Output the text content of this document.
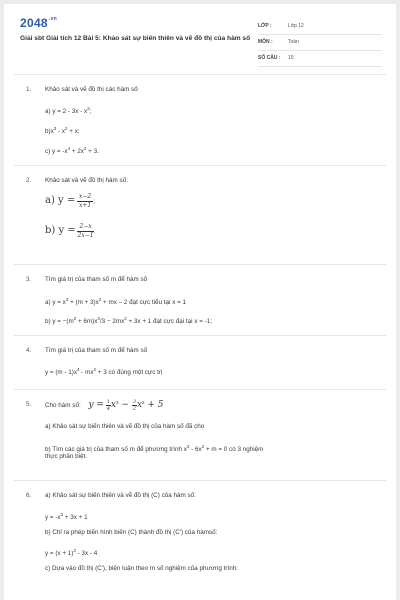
$2048^{.vn}$
Giải sbt Giải tích 12 Bài 5: Khảo sát sự biến thiên và vẽ đồ thị của hàm số
LỚP :	Lớp 12
MÔN :	Toán
SỐ CÂU : 19
1. Khảo sát và vẽ đồ thị các hàm số
a) $y = 2 - 3x - x^2$;
$b)x^3 - x^2 + x$;
c) $y = -x^4 + 2x^2 + 3$.
2. Khảo sát và vẽ đồ thị hàm số:
a) $y = \frac{x-2}{x+1}$ ;
b) $y = \frac{2-x}{2x-1}$ .
3. Tìm giá trị của tham số m để hàm số
a) $y = x^3 + (m + 3)x^2$ + mx – 2 đạt cực tiểu tại x = 1
b) $y = -(m^2 + 6m)x^3/3 - 2mx^2 + 3x + 1$ đạt cực đại tại x = -1;
4. Tìm giá trị của tham số m để hàm số
$y = (m - 1)x^4 - mx^2 + 3$ có đúng một cực trị
5. Cho hàm số: $y = \frac{1}{4} x^3 - \frac{3}{2} x^2 + 5$
a) Khảo sát sự biến thiên và vẽ đồ thị của hàm số đã cho
b) Tìm các giá trị của tham số m để phương trình $x^3 - 6x^2 + m = 0$ có 3 nghiệm
thực phân biệt.
6. a) Khảo sát sự biến thiên và vẽ đồ thị (C) của hàm số:
$y = -x^3 + 3x + 1$
b) Chỉ ra phép biến hình biến (C) thành đồ thị (C') của hàmsố:
$y = (x + 1)^3 - 3x - 4$
c) Dựa vào đồ thị (C'), biện luận theo m số nghiệm của phương trình:
